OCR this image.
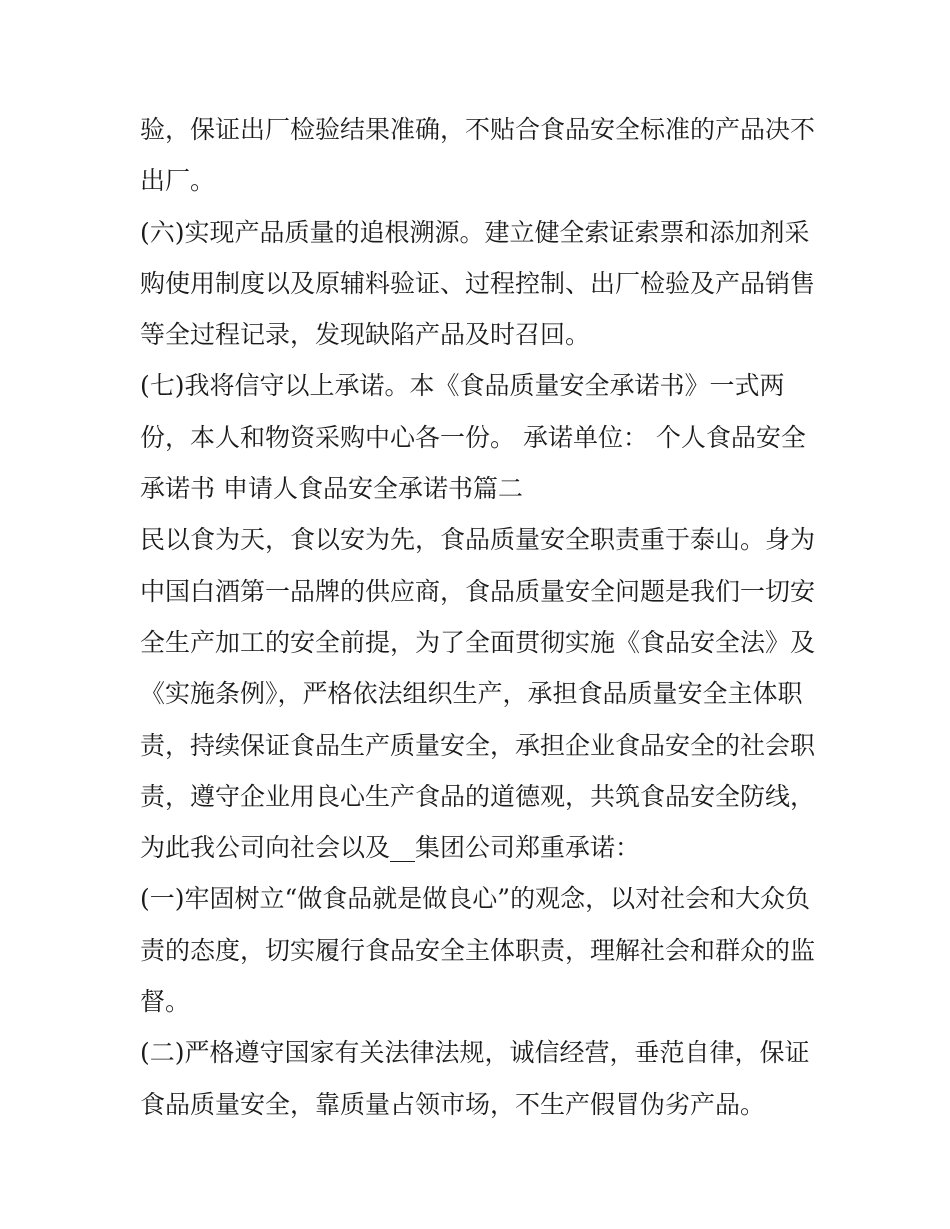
验，保证出厂检验结果准确，不贴合食品安全标准的产品决不
出厂。
(六)实现产品质量的追根溯源。建立健全索证索票和添加剂采
购使用制度以及原辅料验证、过程控制、出厂检验及产品销售
等全过程记录，发现缺陷产品及时召回。
(七)我将信守以上承诺。本《食品质量安全承诺书》一式两
份，本人和物资采购中心各一份。 承诺单位： 个人食品安全
承诺书 申请人食品安全承诺书篇二
民以食为天，食以安为先，食品质量安全职责重于泰山。身为
中国白酒第一品牌的供应商，食品质量安全问题是我们一切安
全生产加工的安全前提，为了全面贯彻实施《食品安全法》及
《实施条例》，严格依法组织生产，承担食品质量安全主体职
责，持续保证食品生产质量安全，承担企业食品安全的社会职
责，遵守企业用良心生产食品的道德观，共筑食品安全防线，
为此我公司向社会以及__集团公司郑重承诺：
(一)牢固树立“做食品就是做良心”的观念，以对社会和大众负
责的态度，切实履行食品安全主体职责，理解社会和群众的监
督。
(二)严格遵守国家有关法律法规，诚信经营，垂范自律，保证
食品质量安全，靠质量占领市场，不生产假冒伪劣产品。
